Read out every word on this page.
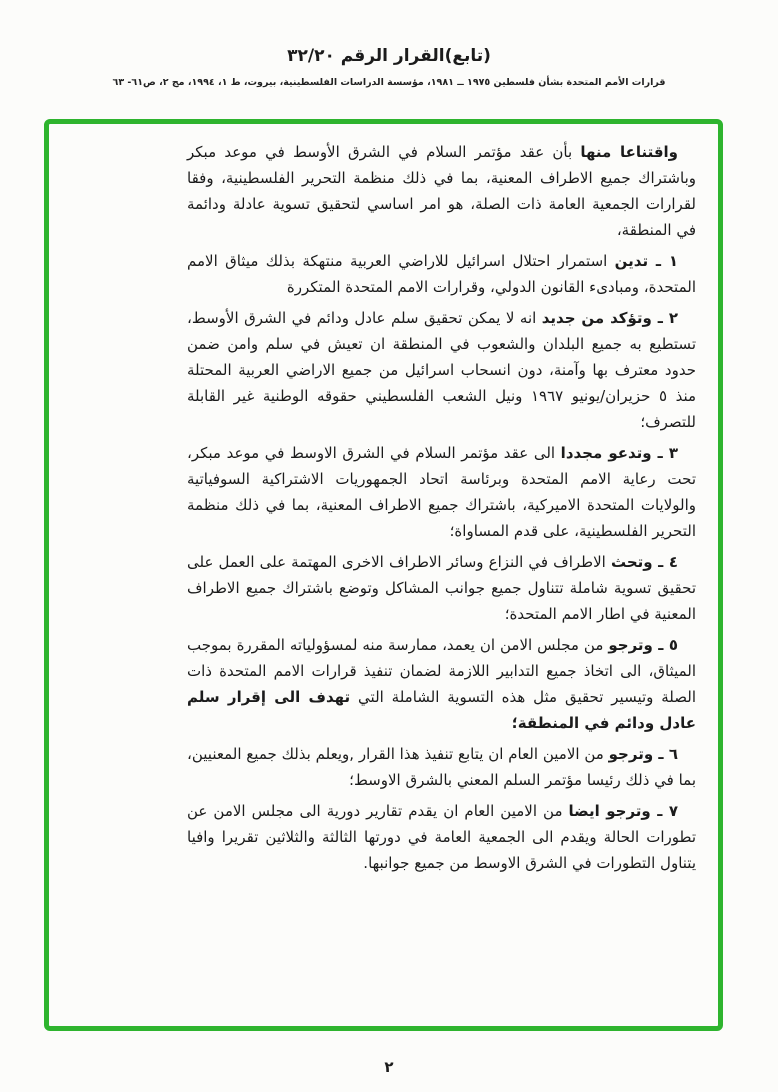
(تابع)القرار الرقم ٣٢/٢٠
قرارات الأمم المتحدة بشأن فلسطين ١٩٧٥ ــ ١٩٨١، مؤسسة الدراسات الفلسطينية، بيروت، ط ١، ١٩٩٤، مج ٢، ص٦١- ٦٣

واقتناعا منها بأن عقد مؤتمر السلام في الشرق الأوسط في موعد مبكر وباشتراك جميع الاطراف المعنية، بما في ذلك منظمة التحرير الفلسطينية، وفقا لقرارات الجمعية العامة ذات الصلة، هو امر اساسي لتحقيق تسوية عادلة ودائمة في المنطقة،

١ ـ تدين استمرار احتلال اسرائيل للاراضي العربية منتهكة بذلك ميثاق الامم المتحدة، ومبادىء القانون الدولي، وقرارات الامم المتحدة المتكررة

٢ ـ وتؤكد من جديد انه لا يمكن تحقيق سلم عادل ودائم في الشرق الأوسط، تستطيع به جميع البلدان والشعوب في المنطقة ان تعيش في سلم وامن ضمن حدود معترف بها وآمنة، دون انسحاب اسرائيل من جميع الاراضي العربية المحتلة منذ ٥ حزيران/يونيو ١٩٦٧ ونيل الشعب الفلسطيني حقوقه الوطنية غير القابلة للتصرف؛

٣ ـ وتدعو مجددا الى عقد مؤتمر السلام في الشرق الاوسط في موعد مبكر، تحت رعاية الامم المتحدة وبرئاسة اتحاد الجمهوريات الاشتراكية السوفياتية والولايات المتحدة الاميركية، باشتراك جميع الاطراف المعنية، بما في ذلك منظمة التحرير الفلسطينية، على قدم المساواة؛

٤ ـ وتحث الاطراف في النزاع وسائر الاطراف الاخرى المهتمة على العمل على تحقيق تسوية شاملة تتناول جميع جوانب المشاكل وتوضع باشتراك جميع الاطراف المعنية في اطار الامم المتحدة؛

٥ ـ وترجو من مجلس الامن ان يعمد، ممارسة منه لمسؤولياته المقررة بموجب الميثاق، الى اتخاذ جميع التدابير اللازمة لضمان تنفيذ قرارات الامم المتحدة ذات الصلة وتيسير تحقيق مثل هذه التسوية الشاملة التي تهدف الى إقرار سلم عادل ودائم في المنطقة؛

٦ ـ وترجو من الامين العام ان يتابع تنفيذ هذا القرار ,ويعلم بذلك جميع المعنيين، بما في ذلك رئيسا مؤتمر السلم المعني بالشرق الاوسط؛

٧ ـ وترجو ايضا من الامين العام ان يقدم تقارير دورية الى مجلس الامن عن تطورات الحالة ويقدم الى الجمعية العامة في دورتها الثالثة والثلاثين تقريرا وافيا يتناول التطورات في الشرق الاوسط من جميع جوانبها.

٢
